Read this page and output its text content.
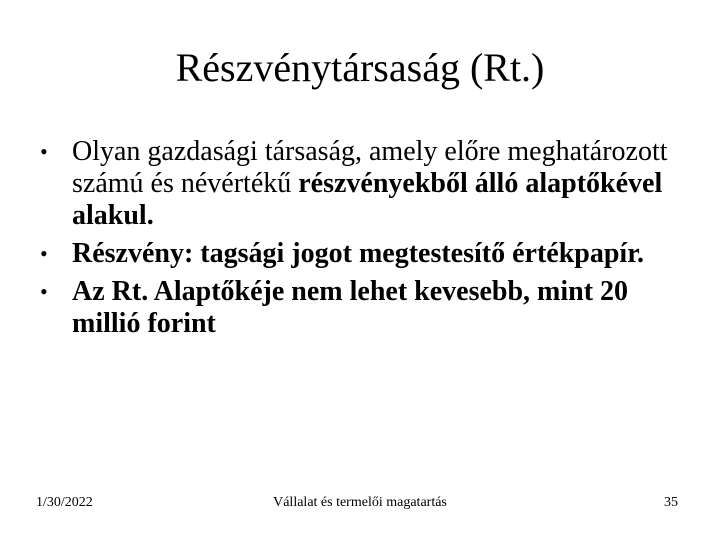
Részvénytársaság (Rt.)
• Olyan gazdasági társaság, amely előre meghatározott számú és névértékű részvényekből álló alaptőkével alakul.
• Részvény: tagsági jogot megtestesítő értékpapír.
• Az Rt. Alaptőkéje nem lehet kevesebb, mint 20 millió forint
1/30/2022	Vállalat és termelői magatartás	35
